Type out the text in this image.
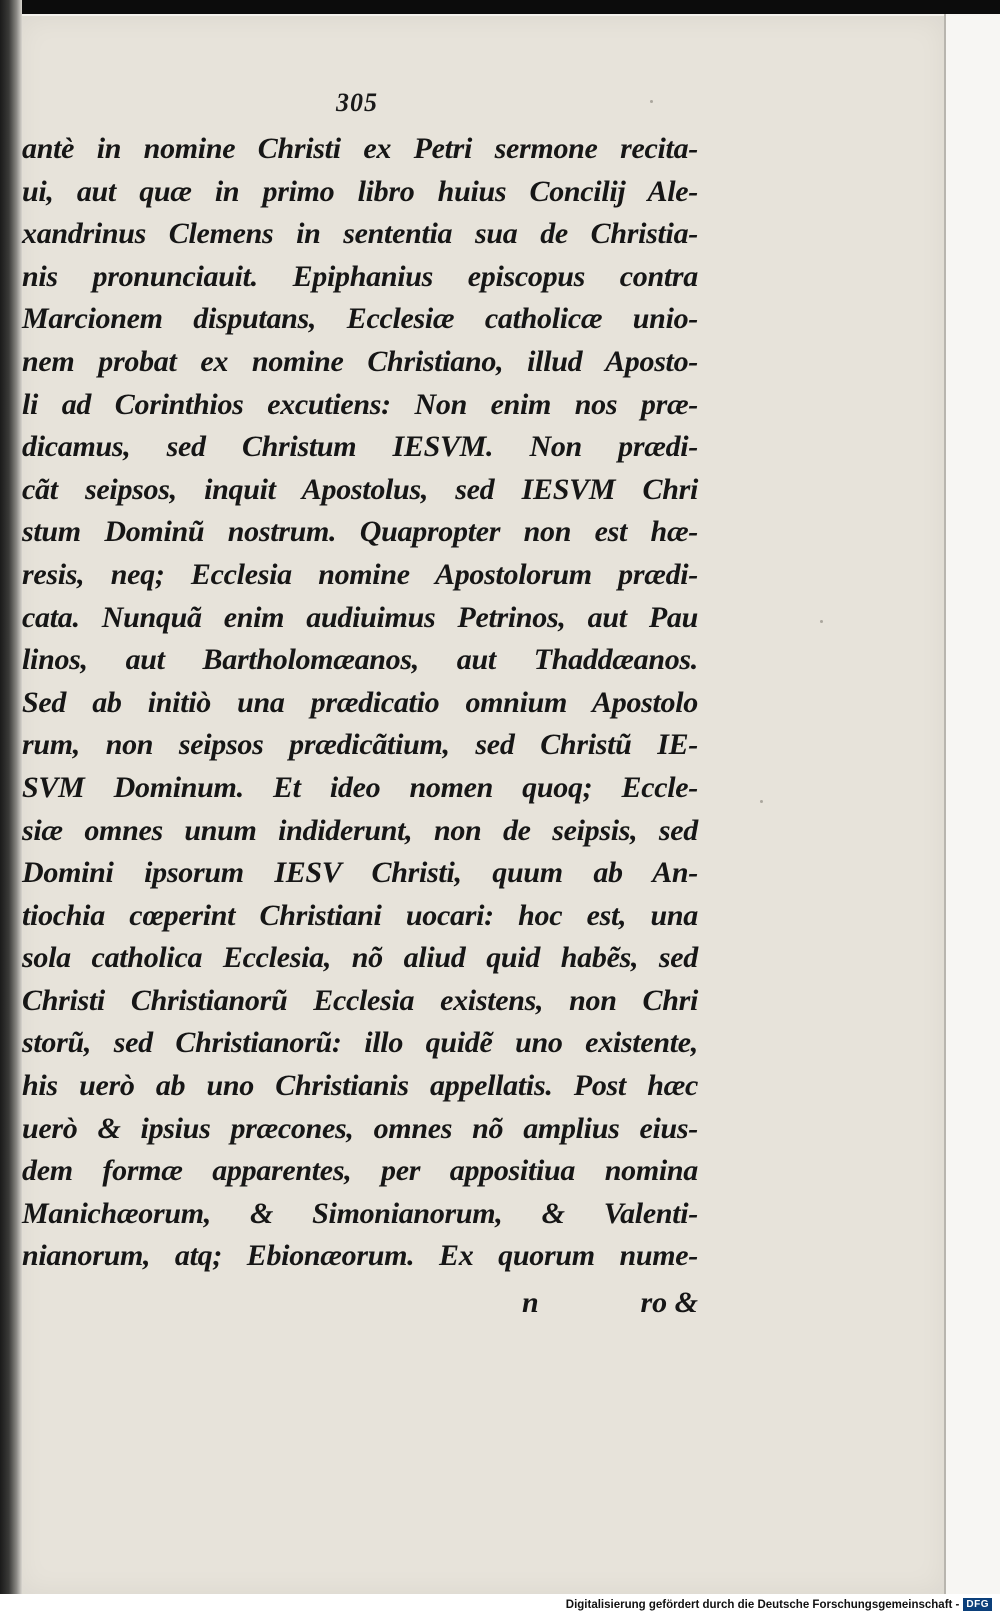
305
antè in nomine Christi ex Petri sermone recita-
ui, aut quæ in primo libro huius Concilij Ale-
xandrinus Clemens in sententia sua de Christia-
nis pronunciauit. Epiphanius episcopus contra
Marcionem disputans, Ecclesiæ catholicæ unio-
nem probat ex nomine Christiano, illud Aposto-
li ad Corinthios excutiens: Non enim nos præ-
dicamus, sed Christum IESVM. Non prædi-
cãt seipsos, inquit Apostolus, sed IESVM Chri
stum Dominũ nostrum. Quapropter non est hæ-
resis, neq; Ecclesia nomine Apostolorum prædi-
cata. Nunquã enim audiuimus Petrinos, aut Pau
linos, aut Bartholomæanos, aut Thaddæanos.
Sed ab initiò una prædicatio omnium Apostolo
rum, non seipsos prædicãtium, sed Christũ IE-
SVM Dominum. Et ideo nomen quoq; Eccle-
siæ omnes unum indiderunt, non de seipsis, sed
Domini ipsorum IESV Christi, quum ab An-
tiochia cœperint Christiani uocari: hoc est, una
sola catholica Ecclesia, nõ aliud quid habẽs, sed
Christi Christianorũ Ecclesia existens, non Chri
storũ, sed Christianorũ: illo quidẽ uno existente,
his uerò ab uno Christianis appellatis. Post hæc
uerò & ipsius præcones, omnes nõ amplius eius-
dem formæ apparentes, per appositiua nomina
Manichæorum, & Simonianorum, & Valenti-
nianorum, atq; Ebionæorum. Ex quorum nume-
n	ro &
Digitalisierung gefördert durch die Deutsche Forschungsgemeinschaft - DFG
